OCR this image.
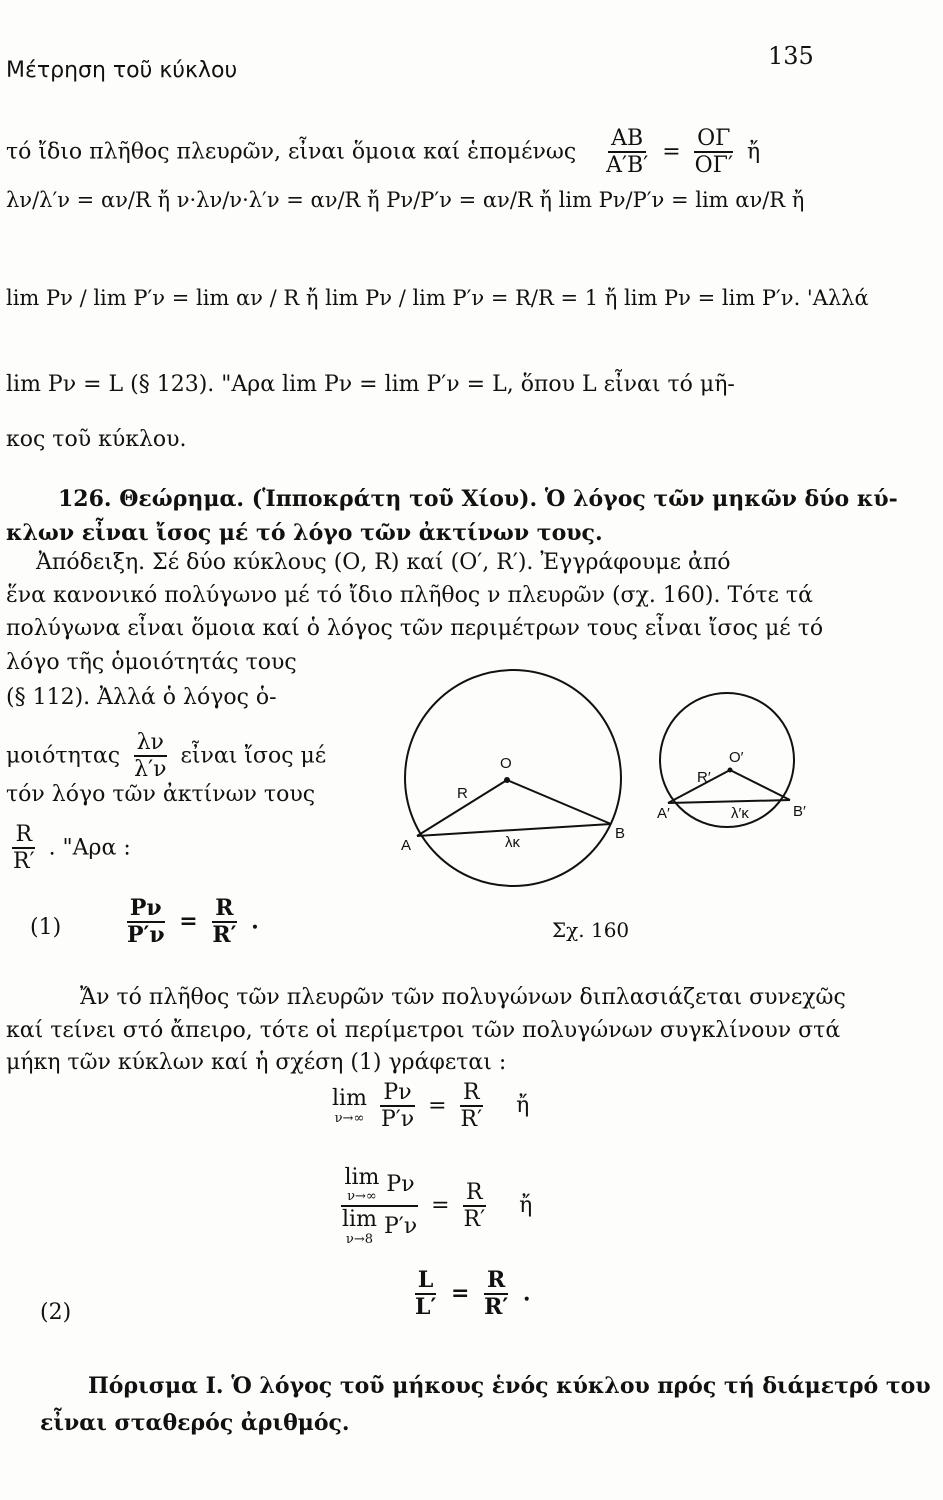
Μέτρηση τοῦ κύκλου
135
τό ἴδιο πλῆθος πλευρῶν, εἶναι ὅμοια καί ἑπομένως $\frac{AB}{A'B'} = \frac{O\Gamma}{O\Gamma'}$ ἤ
λν/λ′ν = αν/R ἤ ν·λν/ν·λ′ν = αν/R ἤ Pν/P′ν = αν/R ἤ lim Pν/P′ν = lim αν/R ἤ
lim Pν / lim P′ν = lim αν / R ἤ lim Pν / lim P′ν = R/R = 1 ἤ lim Pν = lim P′ν. 'Αλλά
lim Pν = L (§ 123). "Αρα lim Pν = lim P′ν = L, ὅπου L εἶναι τό μῆ-
κος τοῦ κύκλου.
126. Θεώρημα. (Ἱπποκράτη τοῦ Χίου). Ὁ λόγος τῶν μηκῶν δύο κύ-
κλων εἶναι ἴσος μέ τό λόγο τῶν ἀκτίνων τους.
Ἀπόδειξη. Σέ δύο κύκλους (Ο, R) καί (Ο′, R′). Ἐγγράφουμε ἀπό
ἕνα κανονικό πολύγωνο μέ τό ἴδιο πλῆθος ν πλευρῶν (σχ. 160). Τότε τά
πολύγωνα εἶναι ὅμοια καί ὁ λόγος τῶν περιμέτρων τους εἶναι ἴσος μέ τό
λόγο τῆς ὁμοιότητάς τους
(§ 112). Ἀλλά ὁ λόγος ὁ-
μοιότητας $\frac{\lambda\nu}{\lambda'\nu}$ εἶναι ἴσος μέ
τόν λόγο τῶν ἀκτίνων τους
$\frac{R}{R'}$ . "Αρα :
(1)	$\frac{P\nu}{P'\nu} = \frac{R}{R'}$ .
O
R
A
B
λκ
O′
R′
A′	B′
λ′κ
Σχ. 160
Ἄν τό πλῆθος τῶν πλευρῶν τῶν πολυγώνων διπλασιάζεται συνεχῶς
καί τείνει στό ἄπειρο, τότε οἱ περίμετροι τῶν πολυγώνων συγκλίνουν στά
μήκη τῶν κύκλων καί ἡ σχέση (1) γράφεται :
lim
ν→∞
$\frac{P\nu}{P'\nu} = \frac{R}{R'}$ ἤ
lim
ν→∞ Pν
lim
ν→8 $P'\nu = \frac{R}{R'}$ ἤ
(2)	$\frac{L}{L'} = \frac{R}{R'}$ .
Πόρισμα Ι. Ὁ λόγος τοῦ μήκους ἑνός κύκλου πρός τή διάμετρό του
εἶναι σταθερός ἀριθμός.
